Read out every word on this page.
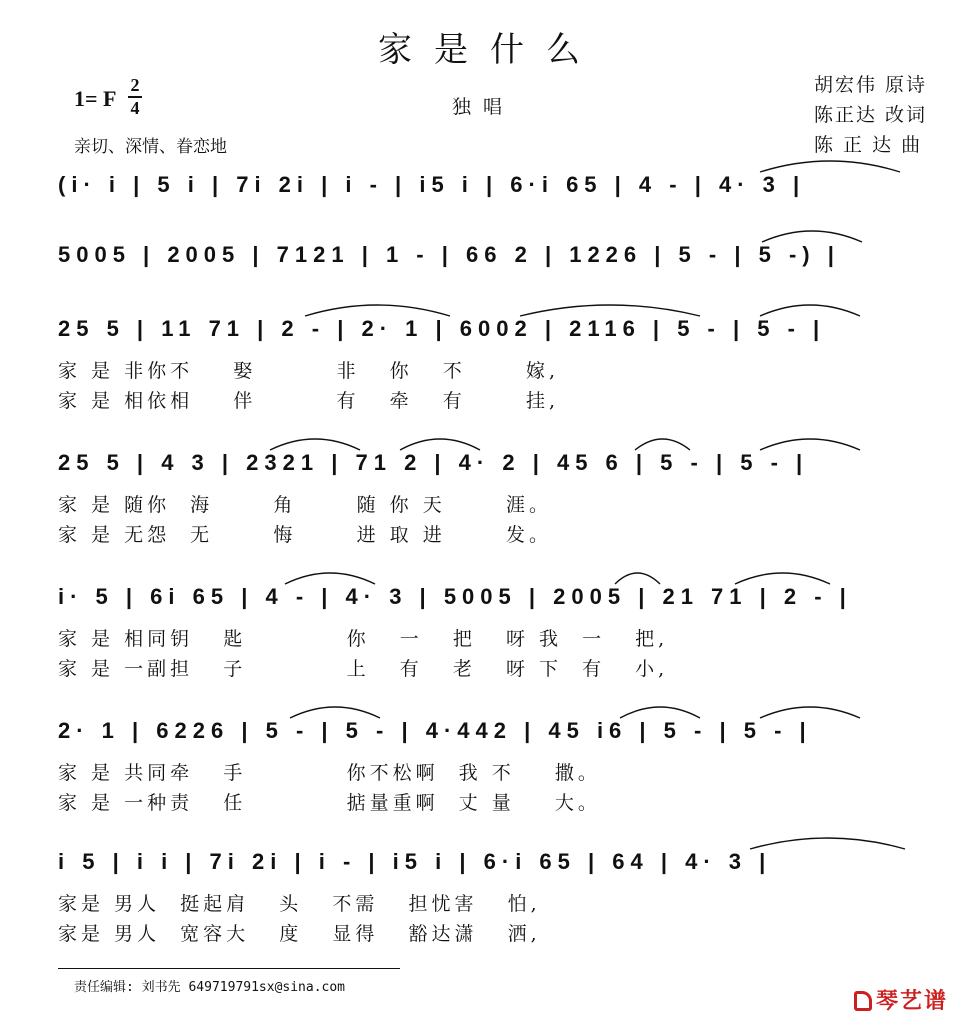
家是什么
1= F
2
4	独唱
亲切、深情、眷恋地
胡宏伟 原诗
陈正达 改词
陈 正 达 曲
(i· i | 5 i | 7i 2i | i - | i5 i | 6·i 65 | 4 - | 4· 3 |
5005 | 2005 | 7121 | 1 - | 66 2 | 1226 | 5 - | 5 -) |
25 5 | 11 71 | 2 - | 2· 1 | 6002 | 2116 | 5 - | 5 - |
家 是 非你不    娶        非   你   不      嫁,
家 是 相依相    伴        有   牵   有      挂,
25 5 | 4 3 | 2321 | 71 2 | 4· 2 | 45 6 | 5 - | 5 - |
家 是 随你  海      角      随 你 天      涯。
家 是 无怨  无      悔      进 取 进      发。
i· 5 | 6i 65 | 4 - | 4· 3 | 5005 | 2005 | 21 71 | 2 - |
家 是 相同钥   匙          你   一   把   呀 我  一   把,
家 是 一副担   子          上   有   老   呀 下  有   小,
2· 1 | 6226 | 5 - | 5 - | 4·442 | 45 i6 | 5 - | 5 - |
家 是 共同牵   手          你不松啊  我 不    撒。
家 是 一种责   任          掂量重啊  丈 量    大。
i 5 | i i | 7i 2i | i - | i5 i | 6·i 65 | 64 | 4· 3 |
家是 男人  挺起肩   头   不需   担忧害   怕,
家是 男人  宽容大   度   显得   豁达潇   洒,
责任编辑: 刘书先 649719791sx@sina.com
琴艺谱
